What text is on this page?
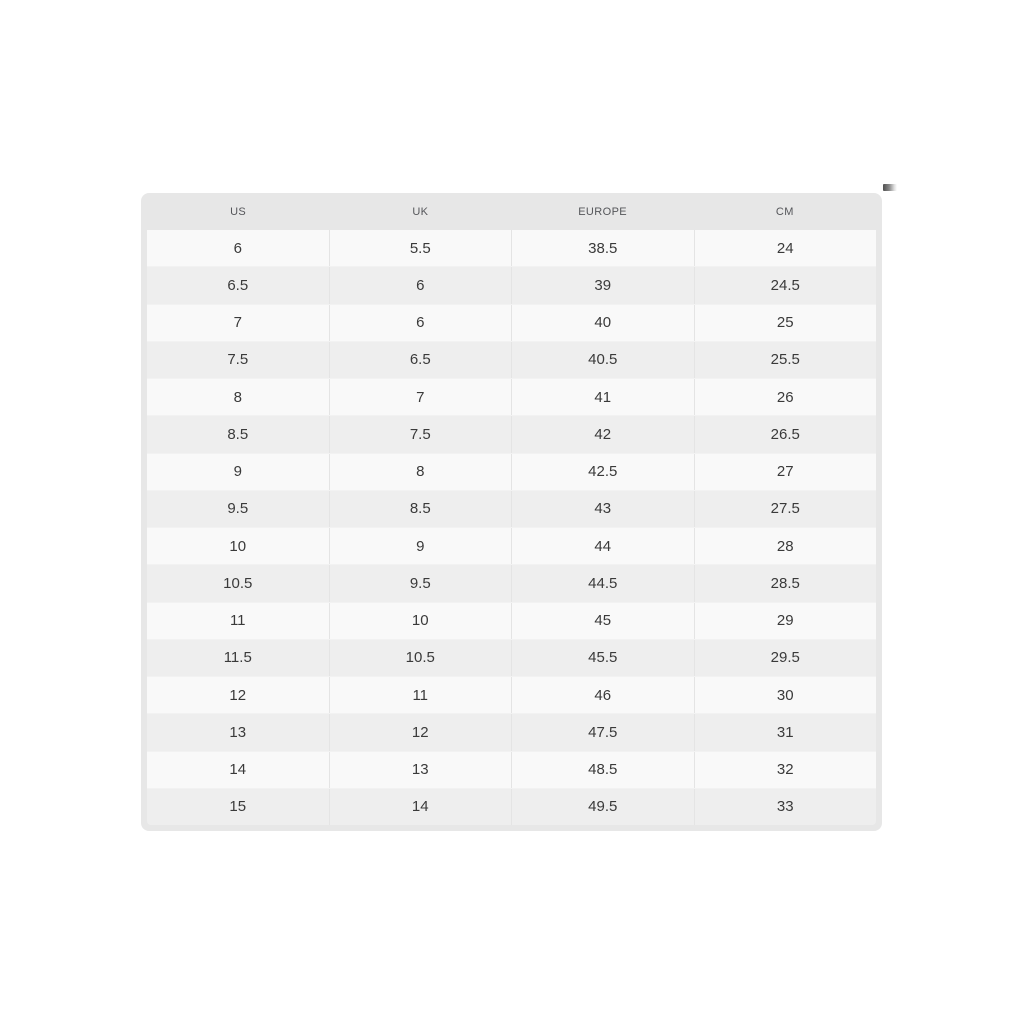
US	UK	EUROPE	CM
6	5.5	38.5	24
6.5	6	39	24.5
7	6	40	25
7.5	6.5	40.5	25.5
8	7	41	26
8.5	7.5	42	26.5
9	8	42.5	27
9.5	8.5	43	27.5
10	9	44	28
10.5	9.5	44.5	28.5
11	10	45	29
11.5	10.5	45.5	29.5
12	11	46	30
13	12	47.5	31
14	13	48.5	32
15	14	49.5	33
